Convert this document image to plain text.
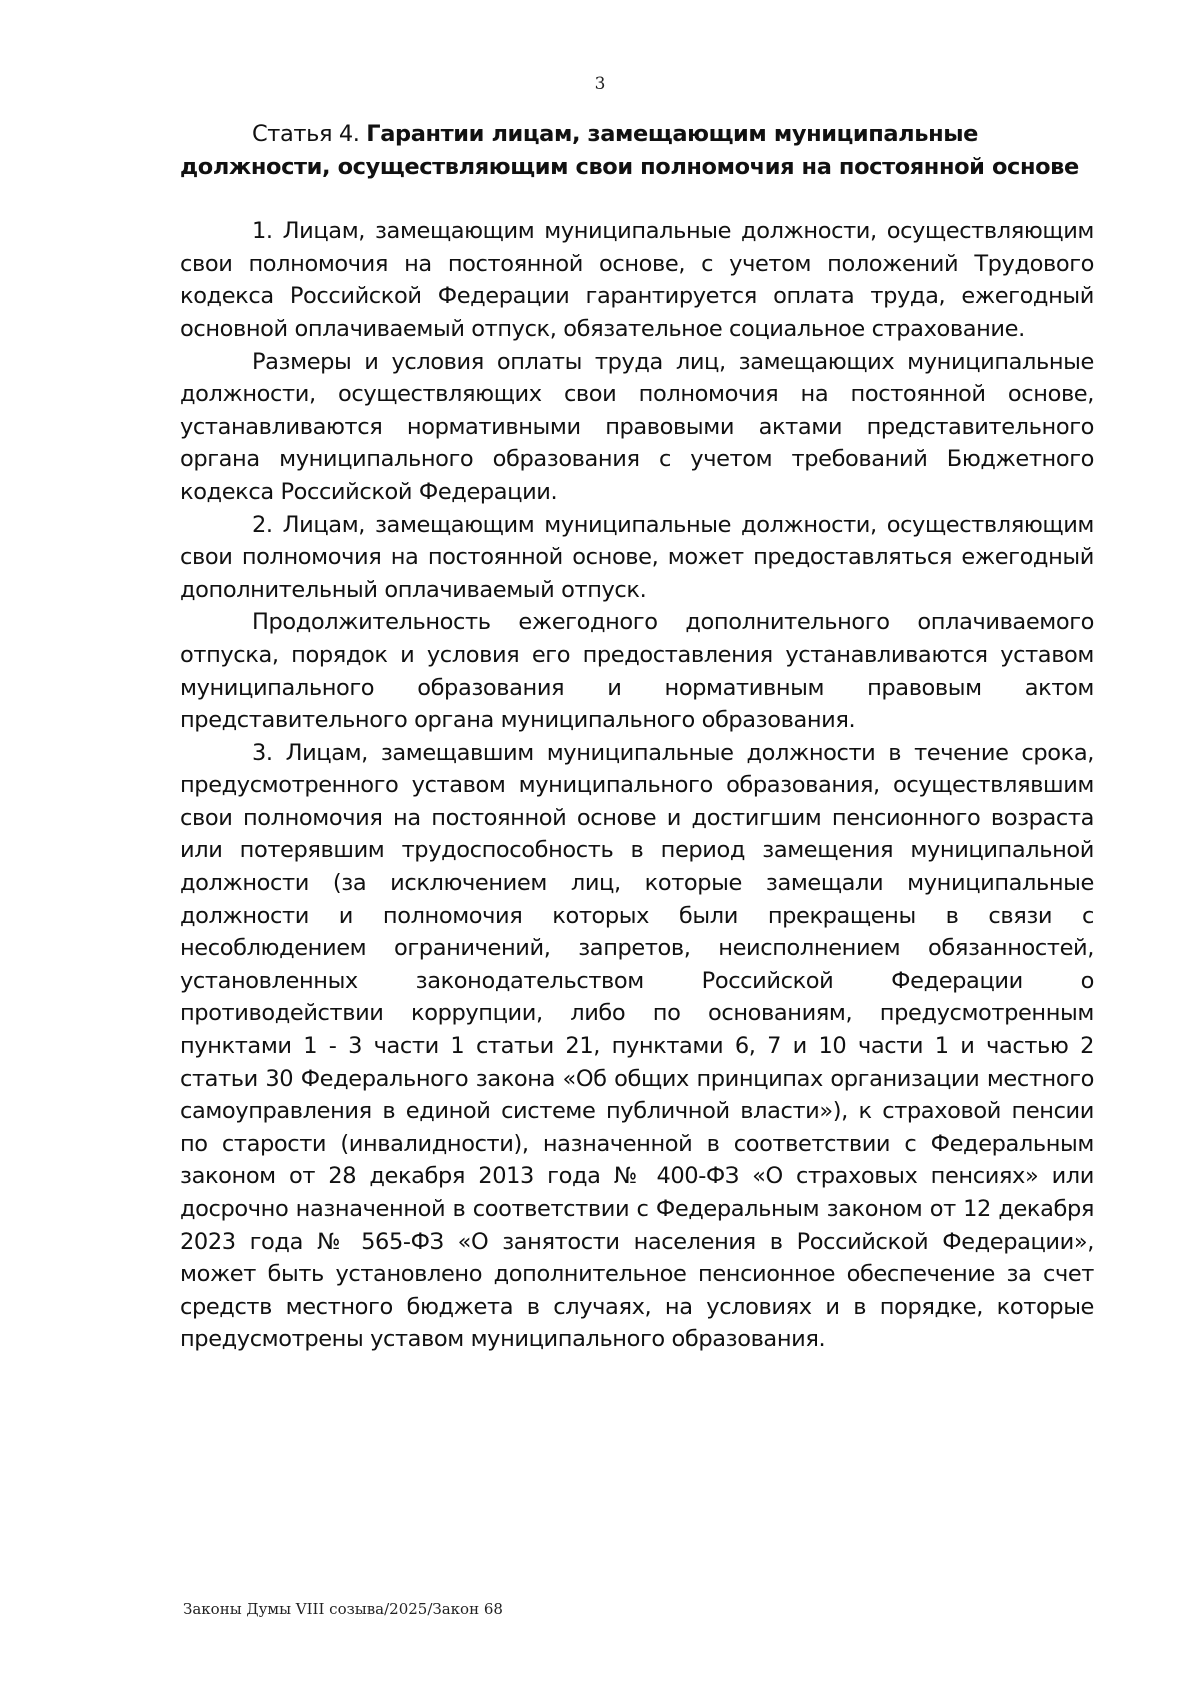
3

Статья 4. Гарантии лицам, замещающим муниципальные должности, осуществляющим свои полномочия на постоянной основе

1. Лицам, замещающим муниципальные должности, осуществляющим свои полномочия на постоянной основе, с учетом положений Трудового кодекса Российской Федерации гарантируется оплата труда, ежегодный основной оплачиваемый отпуск, обязательное социальное страхование.

Размеры и условия оплаты труда лиц, замещающих муниципальные должности, осуществляющих свои полномочия на постоянной основе, устанавливаются нормативными правовыми актами представительного органа муниципального образования с учетом требований Бюджетного кодекса Российской Федерации.

2. Лицам, замещающим муниципальные должности, осуществляющим свои полномочия на постоянной основе, может предоставляться ежегодный дополнительный оплачиваемый отпуск.

Продолжительность ежегодного дополнительного оплачиваемого отпуска, порядок и условия его предоставления устанавливаются уставом муниципального образования и нормативным правовым актом представительного органа муниципального образования.

3. Лицам, замещавшим муниципальные должности в течение срока, предусмотренного уставом муниципального образования, осуществлявшим свои полномочия на постоянной основе и достигшим пенсионного возраста или потерявшим трудоспособность в период замещения муниципальной должности (за исключением лиц, которые замещали муниципальные должности и полномочия которых были прекращены в связи с несоблюдением ограничений, запретов, неисполнением обязанностей, установленных законодательством Российской Федерации о противодействии коррупции, либо по основаниям, предусмотренным пунктами 1 - 3 части 1 статьи 21, пунктами 6, 7 и 10 части 1 и частью 2 статьи 30 Федерального закона «Об общих принципах организации местного самоуправления в единой системе публичной власти»), к страховой пенсии по старости (инвалидности), назначенной в соответствии с Федеральным законом от 28 декабря 2013 года № 400-ФЗ «О страховых пенсиях» или досрочно назначенной в соответствии с Федеральным законом от 12 декабря 2023 года № 565-ФЗ «О занятости населения в Российской Федерации», может быть установлено дополнительное пенсионное обеспечение за счет средств местного бюджета в случаях, на условиях и в порядке, которые предусмотрены уставом муниципального образования.

Законы Думы VIII созыва/2025/Закон 68
